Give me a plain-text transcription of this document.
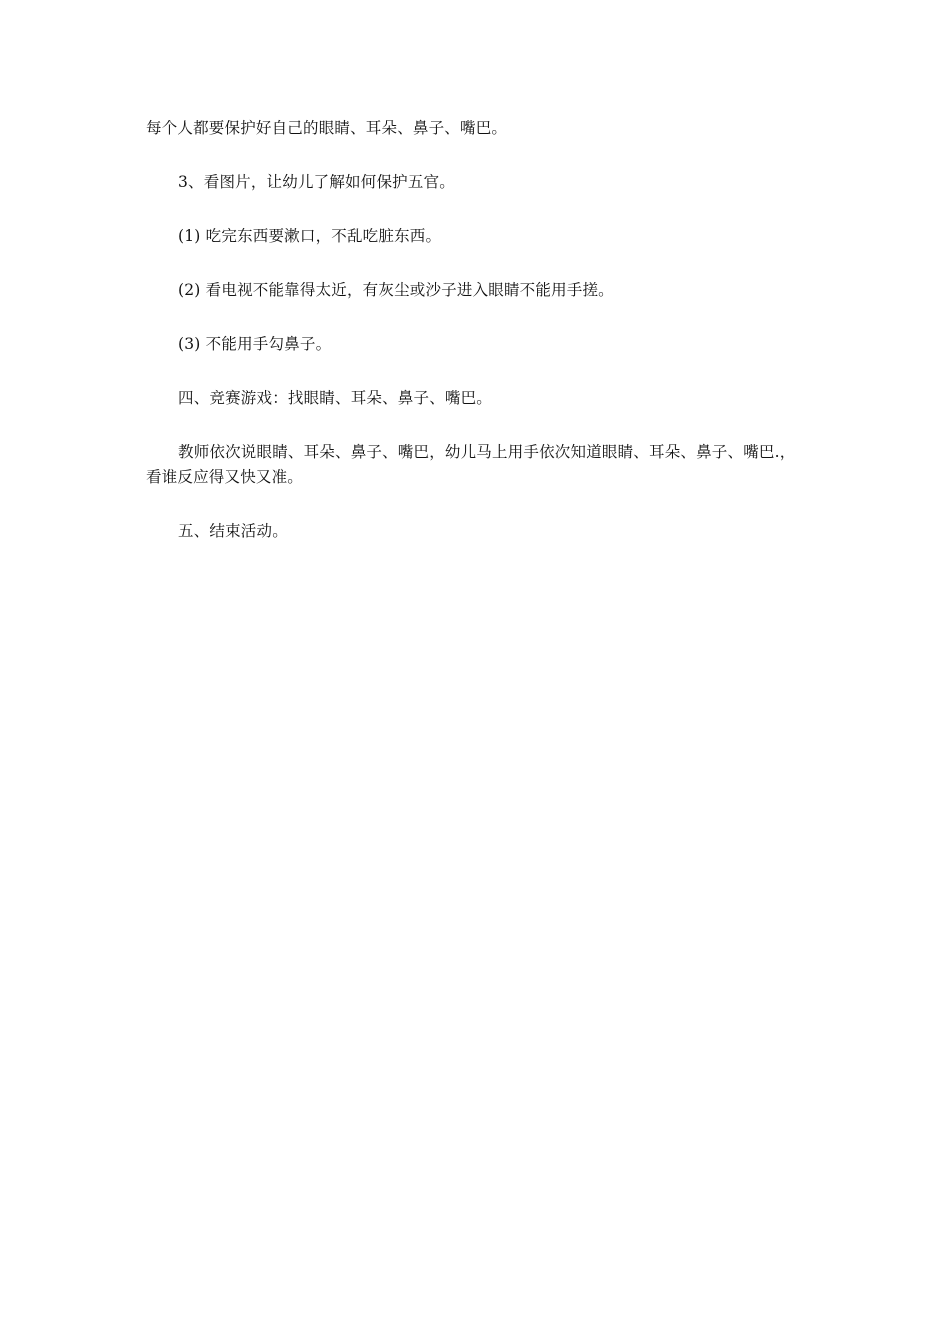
每个人都要保护好自己的眼睛、耳朵、鼻子、嘴巴。

3、看图片，让幼儿了解如何保护五官。

(1) 吃完东西要漱口，不乱吃脏东西。

(2) 看电视不能靠得太近，有灰尘或沙子进入眼睛不能用手搓。

(3) 不能用手勾鼻子。

四、竞赛游戏：找眼睛、耳朵、鼻子、嘴巴。

教师依次说眼睛、耳朵、鼻子、嘴巴，幼儿马上用手依次知道眼睛、耳朵、鼻子、嘴巴.，看谁反应得又快又准。

五、结束活动。
